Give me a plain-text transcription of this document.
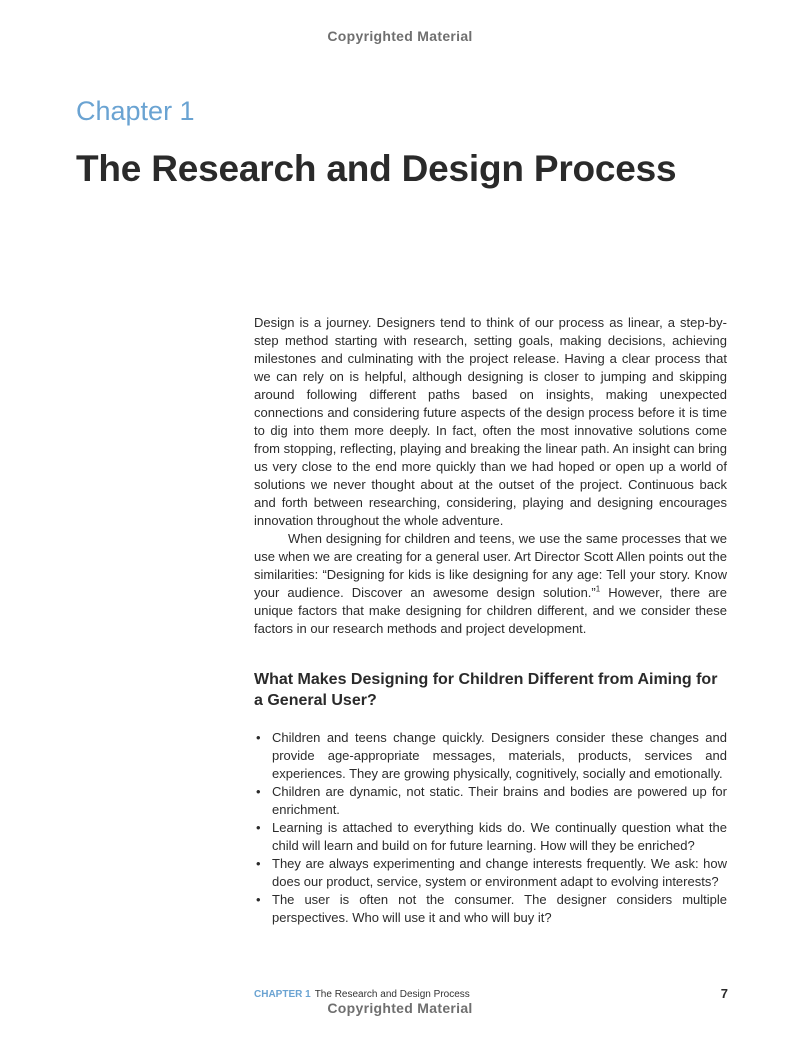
Copyrighted Material
Chapter 1
The Research and Design Process

Design is a journey. Designers tend to think of our process as linear, a step-by-step method starting with research, setting goals, making decisions, achieving milestones and culminating with the project release. Having a clear process that we can rely on is helpful, although designing is closer to jumping and skipping around following different paths based on insights, making unexpected connections and considering future aspects of the design process before it is time to dig into them more deeply. In fact, often the most innovative solutions come from stopping, reflecting, playing and breaking the linear path. An insight can bring us very close to the end more quickly than we had hoped or open up a world of solutions we never thought about at the outset of the project. Continuous back and forth between researching, considering, playing and designing encourages innovation throughout the whole adventure.

When designing for children and teens, we use the same processes that we use when we are creating for a general user. Art Director Scott Allen points out the similarities: “Designing for kids is like designing for any age: Tell your story. Know your audience. Discover an awesome design solution.”$^1$ However, there are unique factors that make designing for children different, and we consider these factors in our research methods and project development.

What Makes Designing for Children Different from Aiming for a General User?
• Children and teens change quickly. Designers consider these changes and provide age-appropriate messages, materials, products, services and experiences. They are growing physically, cognitively, socially and emotionally.
• Children are dynamic, not static. Their brains and bodies are powered up for enrichment.
• Learning is attached to everything kids do. We continually question what the child will learn and build on for future learning. How will they be enriched?
• They are always experimenting and change interests frequently. We ask: how does our product, service, system or environment adapt to evolving interests?
• The user is often not the consumer. The designer considers multiple perspectives. Who will use it and who will buy it?
CHAPTER 1 The Research and Design Process	7
Copyrighted Material
